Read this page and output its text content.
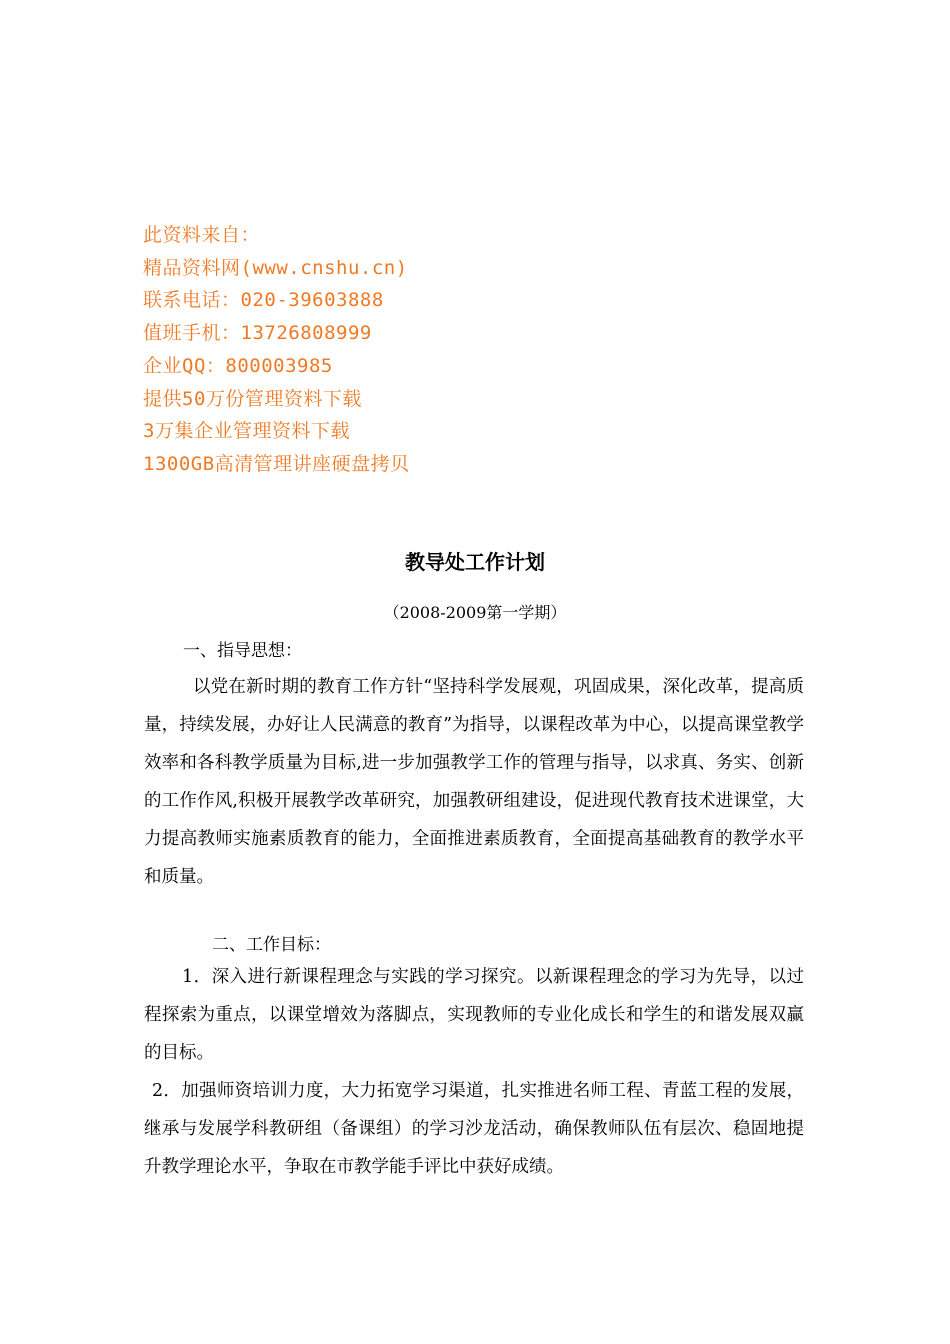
此资料来自：
精品资料网(www.cnshu.cn)
联系电话：020-39603888
值班手机：13726808999
企业QQ：800003985
提供50万份管理资料下载
3万集企业管理资料下载
1300GB高清管理讲座硬盘拷贝
教导处工作计划
（2008-2009第一学期）
一、指导思想：
以党在新时期的教育工作方针“坚持科学发展观，巩固成果，深化改革，提高质量，持续发展，办好让人民满意的教育”为指导，以课程改革为中心，以提高课堂教学效率和各科教学质量为目标,进一步加强教学工作的管理与指导，以求真、务实、创新的工作作风,积极开展教学改革研究，加强教研组建设，促进现代教育技术进课堂，大力提高教师实施素质教育的能力，全面推进素质教育，全面提高基础教育的教学水平和质量。
二、工作目标：
1．深入进行新课程理念与实践的学习探究。以新课程理念的学习为先导，以过程探索为重点，以课堂增效为落脚点，实现教师的专业化成长和学生的和谐发展双赢的目标。
2．加强师资培训力度，大力拓宽学习渠道，扎实推进名师工程、青蓝工程的发展，继承与发展学科教研组（备课组）的学习沙龙活动，确保教师队伍有层次、稳固地提升教学理论水平，争取在市教学能手评比中获好成绩。
